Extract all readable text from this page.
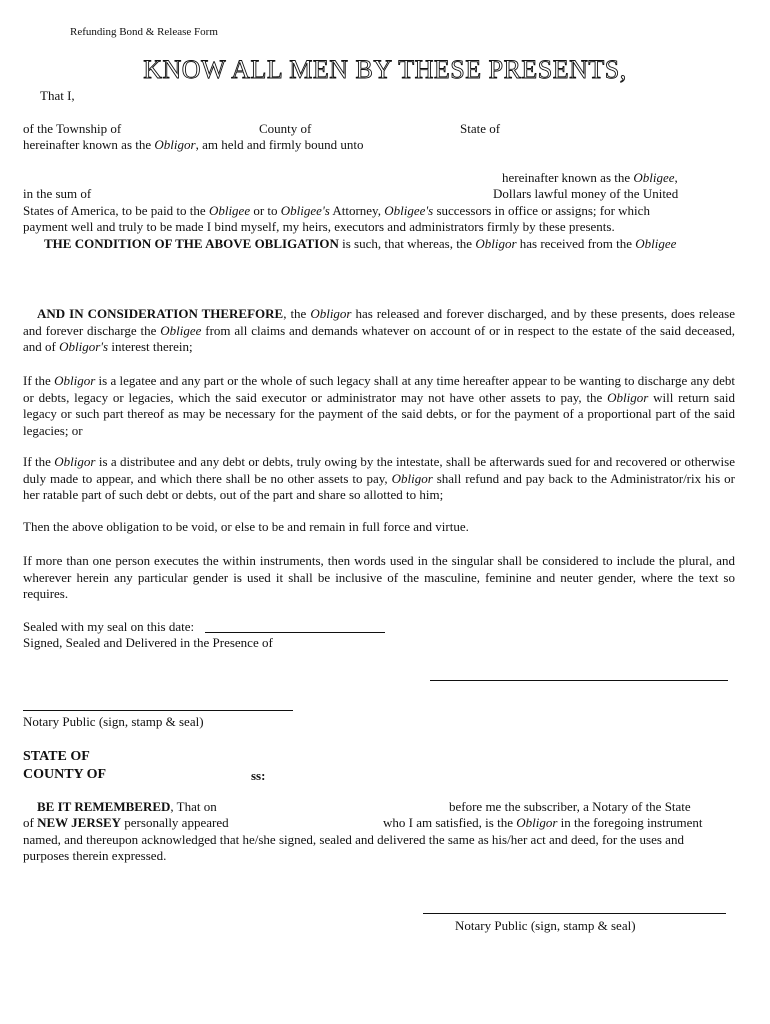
Refunding Bond & Release Form
KNOW ALL MEN BY THESE PRESENTS,
That I,
of the Township of	County of	State of
hereinafter known as the Obligor, am held and firmly bound unto
hereinafter known as the Obligee,
in the sum of	Dollars lawful money of the United
States of America, to be paid to the Obligee or to Obligee's Attorney, Obligee's successors in office or assigns; for which
payment well and truly to be made I bind myself, my heirs, executors and administrators firmly by these presents.
THE CONDITION OF THE ABOVE OBLIGATION is such, that whereas, the Obligor has received from the Obligee
AND IN CONSIDERATION THEREFORE, the Obligor has released and forever discharged, and by these presents, does release and forever discharge the Obligee from all claims and demands whatever on account of or in respect to the estate of the said deceased, and of Obligor's interest therein;
If the Obligor is a legatee and any part or the whole of such legacy shall at any time hereafter appear to be wanting to discharge any debt or debts, legacy or legacies, which the said executor or administrator may not have other assets to pay, the Obligor will return said legacy or such part thereof as may be necessary for the payment of the said debts, or for the payment of a proportional part of the said legacies; or
If the Obligor is a distributee and any debt or debts, truly owing by the intestate, shall be afterwards sued for and recovered or otherwise duly made to appear, and which there shall be no other assets to pay, Obligor shall refund and pay back to the Administrator/rix his or her ratable part of such debt or debts, out of the part and share so allotted to him;
Then the above obligation to be void, or else to be and remain in full force and virtue.
If more than one person executes the within instruments, then words used in the singular shall be considered to include the plural, and wherever herein any particular gender is used it shall be inclusive of the masculine, feminine and neuter gender, where the text so requires.
Sealed with my seal on this date:
Signed, Sealed and Delivered in the Presence of
Notary Public (sign, stamp & seal)
STATE OF
COUNTY OF	ss:
BE IT REMEMBERED, That on	before me the subscriber, a Notary of the State
of NEW JERSEY personally appeared	who I am satisfied, is the Obligor in the foregoing instrument
named, and thereupon acknowledged that he/she signed, sealed and delivered the same as his/her act and deed, for the uses and
purposes therein expressed.
Notary Public (sign, stamp & seal)
